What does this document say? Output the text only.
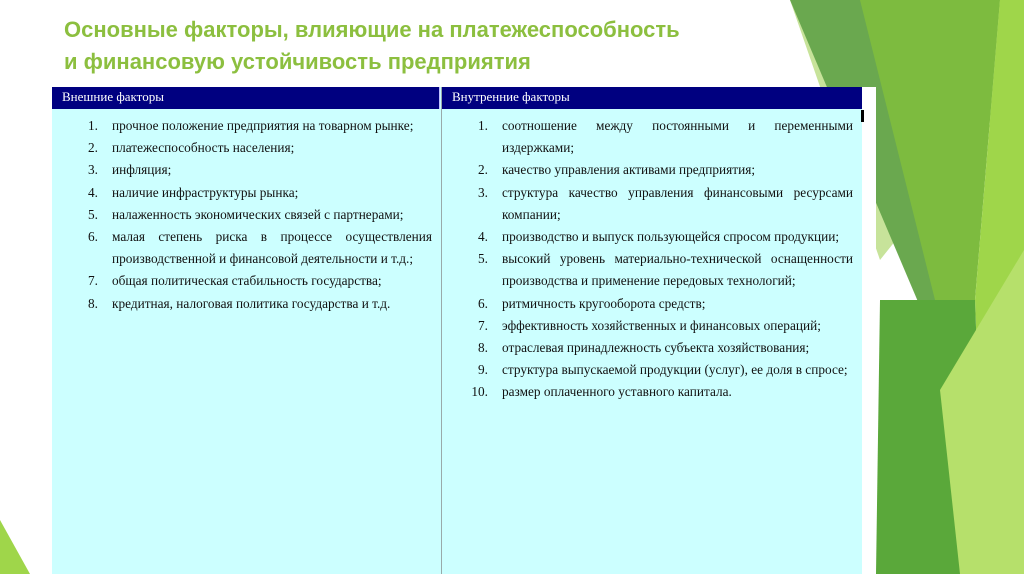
Основные факторы, влияющие на платежеспособность
и финансовую устойчивость предприятия
Внешние факторы
1.	прочное положение предприятия на товарном рынке;
2.	платежеспособность населения;
3.	инфляция;
4.	наличие инфраструктуры рынка;
5.	налаженность экономических связей с партнерами;
6.	малая степень риска в процессе осуществления производственной и финансовой деятельности и т.д.;
7.	общая политическая стабильность государства;
8.	кредитная, налоговая политика государства и т.д.
Внутренние факторы
1.	соотношение между постоянными и переменными издержками;
2.	качество управления активами предприятия;
3.	структура качество управления финансовыми ресурсами компании;
4.	производство и выпуск пользующейся спросом продукции;
5.	высокий уровень материально-технической оснащенности производства и применение передовых технологий;
6.	ритмичность кругооборота средств;
7.	эффективность хозяйственных и финансовых операций;
8.	отраслевая принадлежность субъекта хозяйствования;
9.	структура выпускаемой продукции (услуг), ее доля в спросе;
10.	размер оплаченного уставного капитала.
